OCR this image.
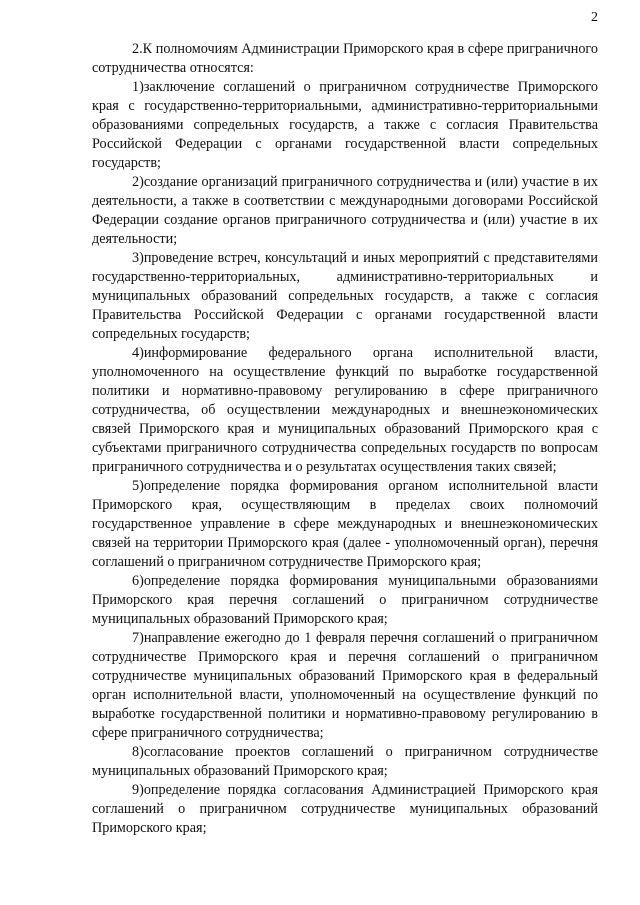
2

2.К полномочиям Администрации Приморского края в сфере приграничного сотрудничества относятся:

1)заключение соглашений о приграничном сотрудничестве Приморского края с государственно-территориальными, административно-территориальными образованиями сопредельных государств, а также с согласия Правительства Российской Федерации с органами государственной власти сопредельных государств;

2)создание организаций приграничного сотрудничества и (или) участие в их деятельности, а также в соответствии с международными договорами Российской Федерации создание органов приграничного сотрудничества и (или) участие в их деятельности;

3)проведение встреч, консультаций и иных мероприятий с представителями государственно-территориальных, административно-территориальных и муниципальных образований сопредельных государств, а также с согласия Правительства Российской Федерации с органами государственной власти сопредельных государств;

4)информирование федерального органа исполнительной власти, уполномоченного на осуществление функций по выработке государственной политики и нормативно-правовому регулированию в сфере приграничного сотрудничества, об осуществлении международных и внешнеэкономических связей Приморского края и муниципальных образований Приморского края с субъектами приграничного сотрудничества сопредельных государств по вопросам приграничного сотрудничества и о результатах осуществления таких связей;

5)определение порядка формирования органом исполнительной власти Приморского края, осуществляющим в пределах своих полномочий государственное управление в сфере международных и внешнеэкономических связей на территории Приморского края (далее - уполномоченный орган), перечня соглашений о приграничном сотрудничестве Приморского края;

6)определение порядка формирования муниципальными образованиями Приморского края перечня соглашений о приграничном сотрудничестве муниципальных образований Приморского края;

7)направление ежегодно до 1 февраля перечня соглашений о приграничном сотрудничестве Приморского края и перечня соглашений о приграничном сотрудничестве муниципальных образований Приморского края в федеральный орган исполнительной власти, уполномоченный на осуществление функций по выработке государственной политики и нормативно-правовому регулированию в сфере приграничного сотрудничества;

8)согласование проектов соглашений о приграничном сотрудничестве муниципальных образований Приморского края;

9)определение порядка согласования Администрацией Приморского края соглашений о приграничном сотрудничестве муниципальных образований Приморского края;
